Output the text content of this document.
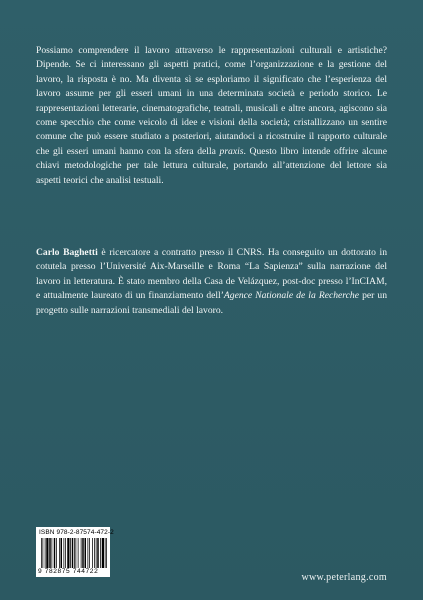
Possiamo comprendere il lavoro attraverso le rappresentazioni culturali e artistiche? Dipende. Se ci interessano gli aspetti pratici, come l’organizzazione e la gestione del lavoro, la risposta è no. Ma diventa sì se esploriamo il significato che l’esperienza del lavoro assume per gli esseri umani in una determinata società e periodo storico. Le rappresentazioni letterarie, cinematografiche, teatrali, musicali e altre ancora, agiscono sia come specchio che come veicolo di idee e visioni della società; cristallizzano un sentire comune che può essere studiato a posteriori, aiutandoci a ricostruire il rapporto culturale che gli esseri umani hanno con la sfera della praxis. Questo libro intende offrire alcune chiavi metodologiche per tale lettura culturale, portando all’attenzione del lettore sia aspetti teorici che analisi testuali.

Carlo Baghetti è ricercatore a contratto presso il CNRS. Ha conseguito un dottorato in cotutela presso l’Université Aix-Marseille e Roma “La Sapienza” sulla narrazione del lavoro in letteratura. È stato membro della Casa de Velázquez, post-doc presso l’InCIAM, e attualmente laureato di un finanziamento dell’Agence Nationale de la Recherche per un progetto sulle narrazioni transmediali del lavoro.

ISBN 978-2-87574-472-2
9 782875 744722
www.peterlang.com
